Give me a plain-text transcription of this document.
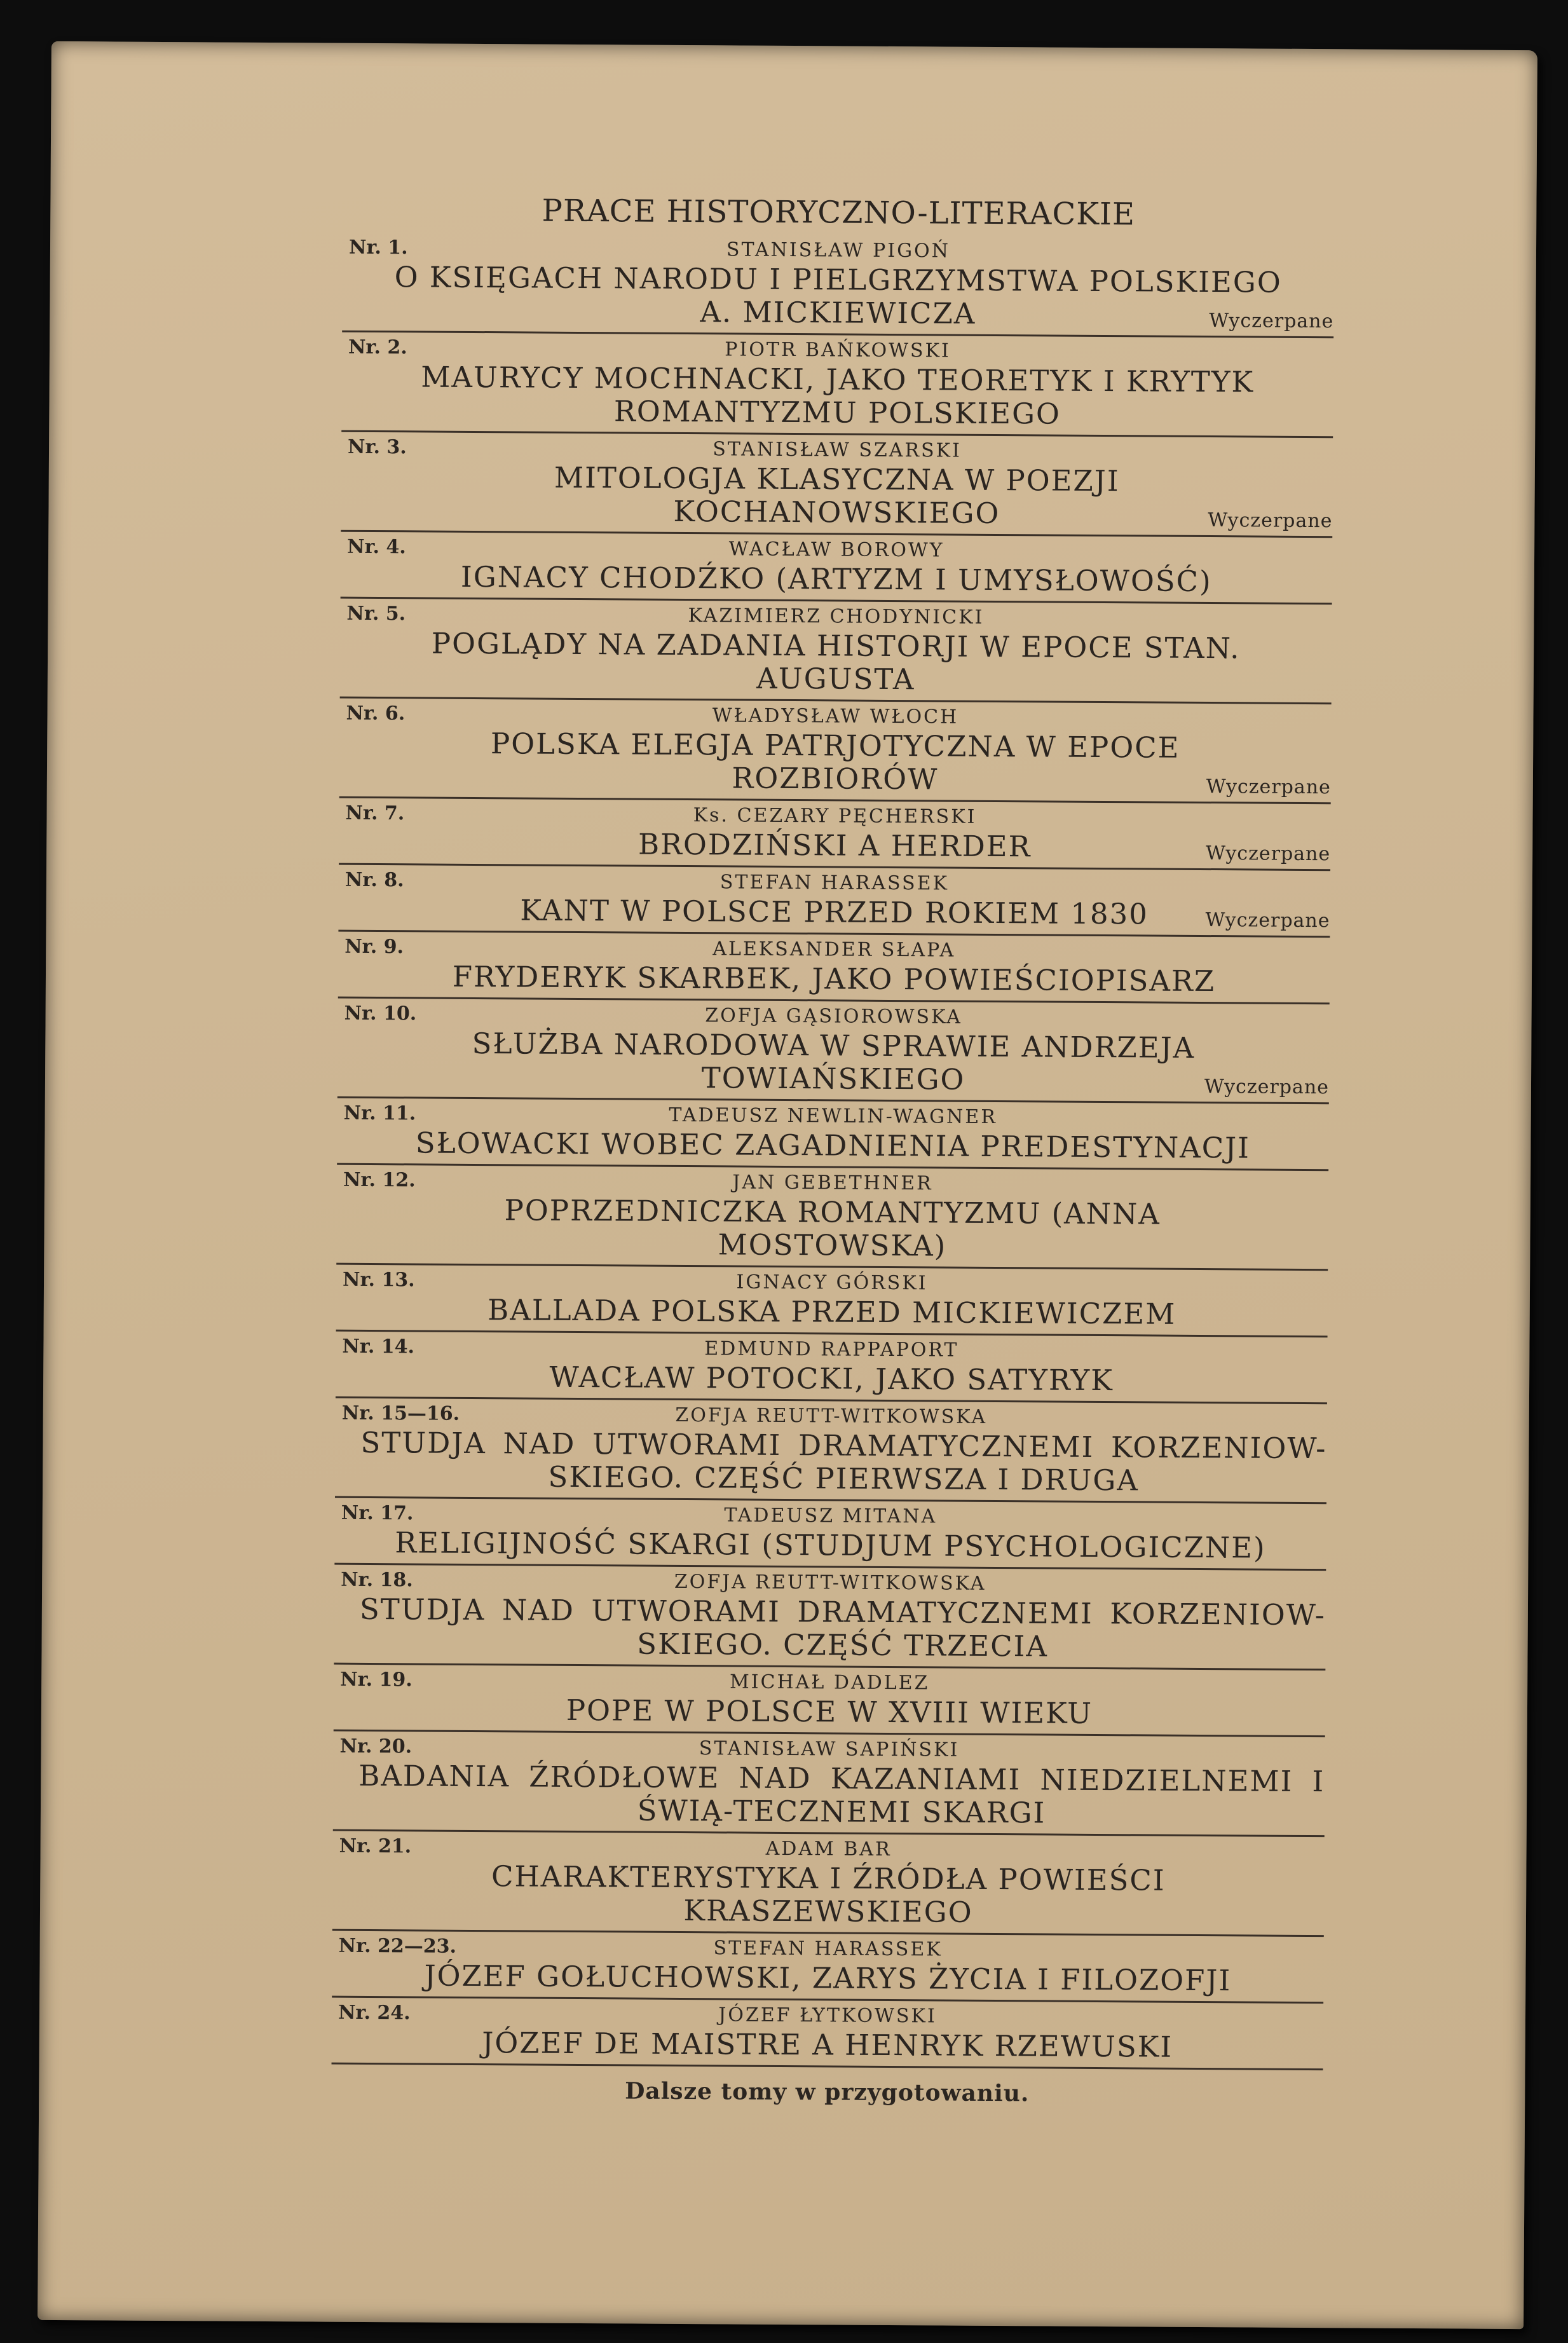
PRACE HISTORYCZNO-LITERACKIE
Nr. 1.	STANISŁAW PIGOŃ
O KSIĘGACH NARODU I PIELGRZYMSTWA POLSKIEGO A. MICKIEWICZA	Wyczerpane
Nr. 2.	PIOTR BAŃKOWSKI
MAURYCY MOCHNACKI, JAKO TEORETYK I KRYTYK ROMANTYZMU POLSKIEGO
Nr. 3.	STANISŁAW SZARSKI
MITOLOGJA KLASYCZNA W POEZJI KOCHANOWSKIEGO	Wyczerpane
Nr. 4.	WACŁAW BOROWY
IGNACY CHODŹKO (ARTYZM I UMYSŁOWOŚĆ)
Nr. 5.	KAZIMIERZ CHODYNICKI
POGLĄDY NA ZADANIA HISTORJI W EPOCE STAN. AUGUSTA
Nr. 6.	WŁADYSŁAW WŁOCH
POLSKA ELEGJA PATRJOTYCZNA W EPOCE ROZBIORÓW	Wyczerpane
Nr. 7.	Ks. CEZARY PĘCHERSKI
BRODZIŃSKI A HERDER	Wyczerpane
Nr. 8.	STEFAN HARASSEK
KANT W POLSCE PRZED ROKIEM 1830	Wyczerpane
Nr. 9.	ALEKSANDER SŁAPA
FRYDERYK SKARBEK, JAKO POWIEŚCIOPISARZ
Nr. 10.	ZOFJA GĄSIOROWSKA
SŁUŻBA NARODOWA W SPRAWIE ANDRZEJA TOWIAŃSKIEGO	Wyczerpane
Nr. 11.	TADEUSZ NEWLIN-WAGNER
SŁOWACKI WOBEC ZAGADNIENIA PREDESTYNACJI
Nr. 12.	JAN GEBETHNER
POPRZEDNICZKA ROMANTYZMU (ANNA MOSTOWSKA)
Nr. 13.	IGNACY GÓRSKI
BALLADA POLSKA PRZED MICKIEWICZEM
Nr. 14.	EDMUND RAPPAPORT
WACŁAW POTOCKI, JAKO SATYRYK
Nr. 15—16.	ZOFJA REUTT-WITKOWSKA
STUDJA NAD UTWORAMI DRAMATYCZNEMI KORZENIOW-SKIEGO. CZĘŚĆ PIERWSZA I DRUGA
Nr. 17.	TADEUSZ MITANA
RELIGIJNOŚĆ SKARGI (STUDJUM PSYCHOLOGICZNE)
Nr. 18.	ZOFJA REUTT-WITKOWSKA
STUDJA NAD UTWORAMI DRAMATYCZNEMI KORZENIOW-SKIEGO. CZĘŚĆ TRZECIA
Nr. 19.	MICHAŁ DADLEZ
POPE W POLSCE W XVIII WIEKU
Nr. 20.	STANISŁAW SAPIŃSKI
BADANIA ŹRÓDŁOWE NAD KAZANIAMI NIEDZIELNEMI I ŚWIĄ-TECZNEMI SKARGI
Nr. 21.	ADAM BAR
CHARAKTERYSTYKA I ŹRÓDŁA POWIEŚCI KRASZEWSKIEGO
Nr. 22—23.	STEFAN HARASSEK
JÓZEF GOŁUCHOWSKI, ZARYS ŻYCIA I FILOZOFJI
Nr. 24.	JÓZEF ŁYTKOWSKI
JÓZEF DE MAISTRE A HENRYK RZEWUSKI
Dalsze tomy w przygotowaniu.
